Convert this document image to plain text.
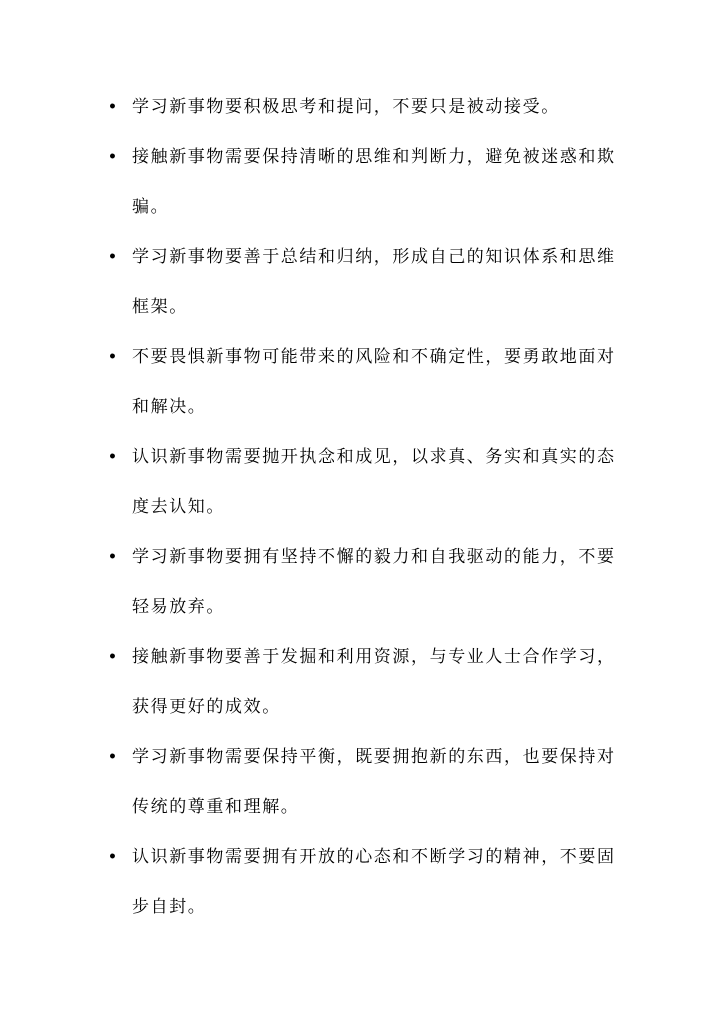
• 学习新事物要积极思考和提问，不要只是被动接受。
• 接触新事物需要保持清晰的思维和判断力，避免被迷惑和欺骗。
• 学习新事物要善于总结和归纳，形成自己的知识体系和思维框架。
• 不要畏惧新事物可能带来的风险和不确定性，要勇敢地面对和解决。
• 认识新事物需要抛开执念和成见，以求真、务实和真实的态度去认知。
• 学习新事物要拥有坚持不懈的毅力和自我驱动的能力，不要轻易放弃。
• 接触新事物要善于发掘和利用资源，与专业人士合作学习，获得更好的成效。
• 学习新事物需要保持平衡，既要拥抱新的东西，也要保持对传统的尊重和理解。
• 认识新事物需要拥有开放的心态和不断学习的精神，不要固步自封。
